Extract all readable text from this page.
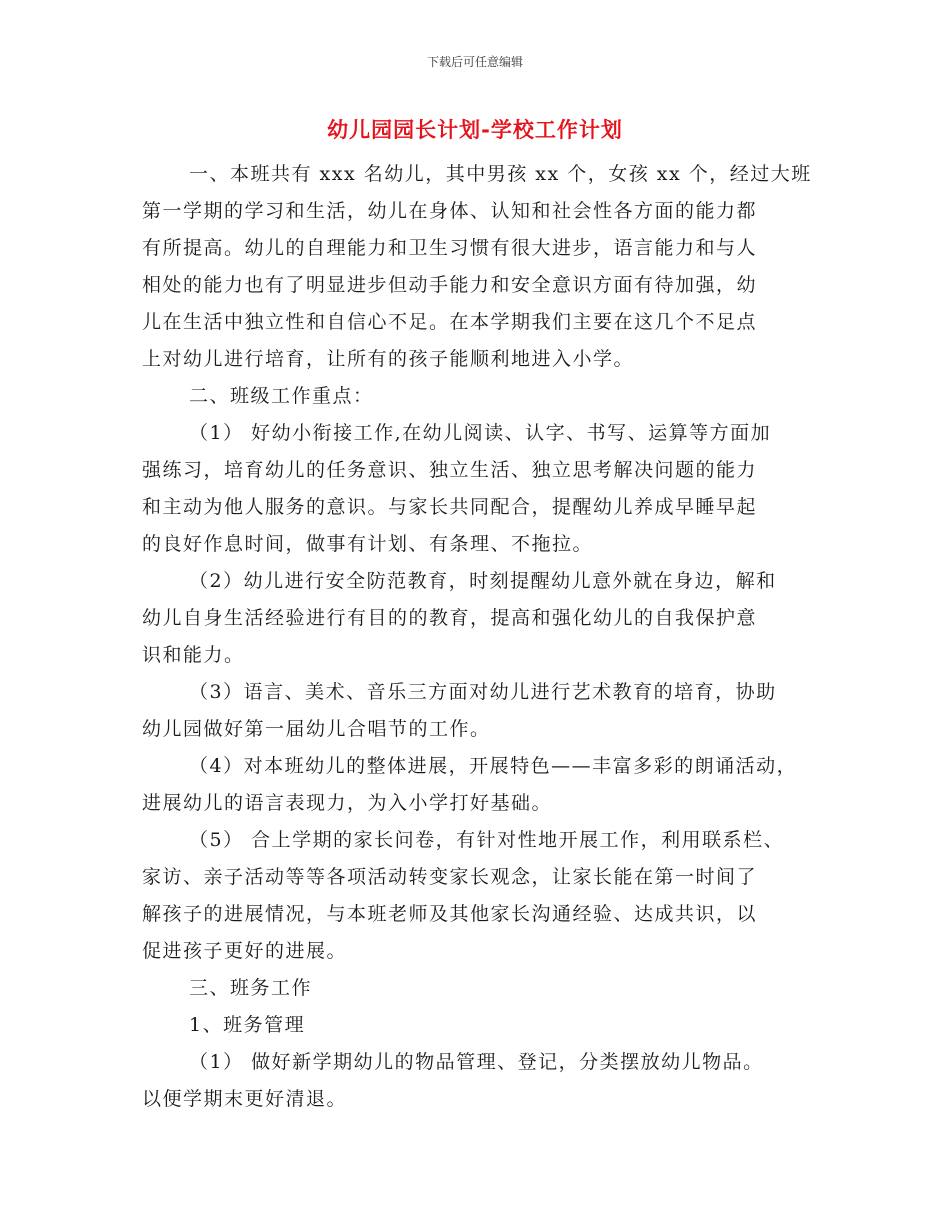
下载后可任意编辑
幼儿园园长计划-学校工作计划
一、本班共有 xxx 名幼儿，其中男孩 xx 个，女孩 xx 个，经过大班
第一学期的学习和生活，幼儿在身体、认知和社会性各方面的能力都
有所提高。幼儿的自理能力和卫生习惯有很大进步，语言能力和与人
相处的能力也有了明显进步但动手能力和安全意识方面有待加强，幼
儿在生活中独立性和自信心不足。在本学期我们主要在这几个不足点
上对幼儿进行培育，让所有的孩子能顺利地进入小学。
二、班级工作重点：
（1） 好幼小衔接工作,在幼儿阅读、认字、书写、运算等方面加
强练习，培育幼儿的任务意识、独立生活、独立思考解决问题的能力
和主动为他人服务的意识。与家长共同配合，提醒幼儿养成早睡早起
的良好作息时间，做事有计划、有条理、不拖拉。
（2）幼儿进行安全防范教育，时刻提醒幼儿意外就在身边，解和
幼儿自身生活经验进行有目的的教育，提高和强化幼儿的自我保护意
识和能力。
（3）语言、美术、音乐三方面对幼儿进行艺术教育的培育，协助
幼儿园做好第一届幼儿合唱节的工作。
（4）对本班幼儿的整体进展，开展特色——丰富多彩的朗诵活动，
进展幼儿的语言表现力，为入小学打好基础。
（5） 合上学期的家长问卷，有针对性地开展工作，利用联系栏、
家访、亲子活动等等各项活动转变家长观念，让家长能在第一时间了
解孩子的进展情况，与本班老师及其他家长沟通经验、达成共识，以
促进孩子更好的进展。
三、班务工作
1、班务管理
（1） 做好新学期幼儿的物品管理、登记，分类摆放幼儿物品。
以便学期末更好清退。
